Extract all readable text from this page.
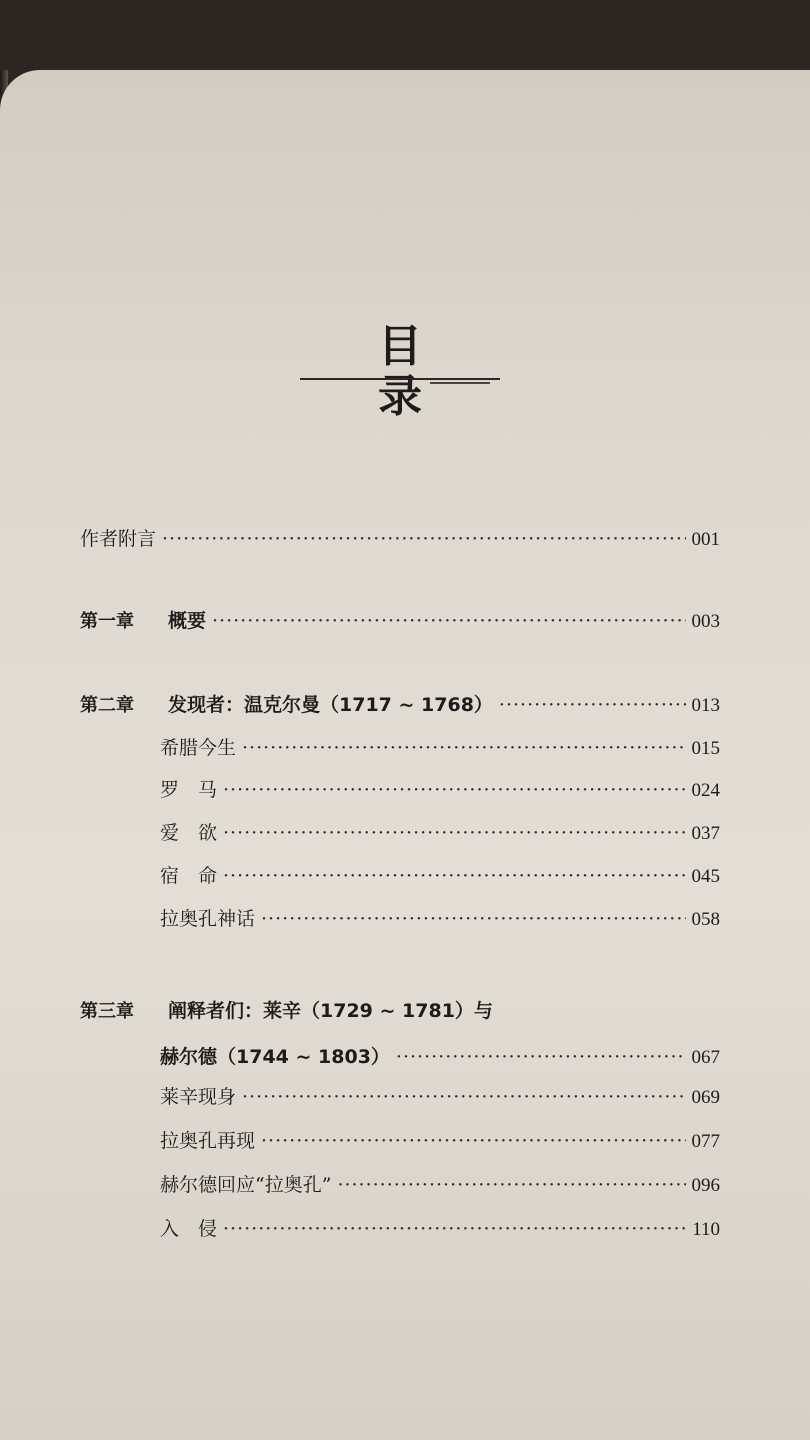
目录
作者附言 ·····	001
第一章	概要 ·····	003
第二章	发现者：温克尔曼（1717 ~ 1768） ·····	013
希腊今生 ·····	015
罗　马 ·····	024
爱　欲 ·····	037
宿　命 ·····	045
拉奥孔神话 ·····	058
第三章	阐释者们：莱辛（1729 ~ 1781）与
赫尔德（1744 ~ 1803） ·····	067
莱辛现身 ·····	069
拉奥孔再现 ·····	077
赫尔德回应“拉奥孔” ·····	096
入　侵 ·····	110
